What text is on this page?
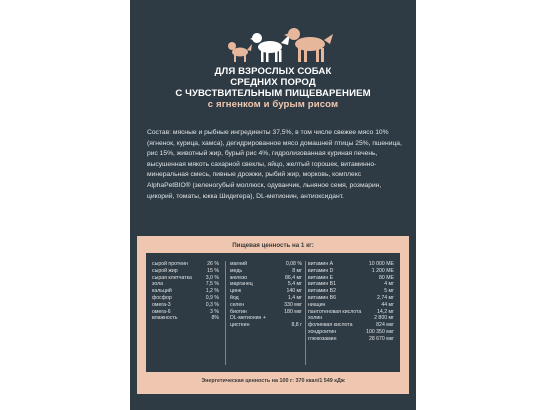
ДЛЯ ВЗРОСЛЫХ СОБАК
СРЕДНИХ ПОРОД
С ЧУВСТВИТЕЛЬНЫМ ПИЩЕВАРЕНИЕМ
с ягненком и бурым рисом
Состав: мясные и рыбные ингредиенты 37,5%, в том числе свежее мясо 10% (ягненок, курица, хамса), дегидрированное мясо домашней птицы 25%, пшеница, рис 15%, животный жир, бурый рис 4%, гидролизованная куриная печень, высушенная мякоть сахарной свеклы, яйцо, желтый горошек, витаминно-минеральная смесь, пивные дрожжи, рыбий жир, морковь, комплекс AlphaPetBIO® (зеленогубый моллюск, одуванчик, льняное семя, розмарин, цикорий, томаты, юкка Шидигера), DL-метионин, антиоксидант.
Пищевая ценность на 1 кг:
сырой протеин	26 %
сырой жир	15 %
сырая клетчатка	3,0 %
зола	7,5 %
кальций	1,2 %
фосфор	0,9 %
омега-3	0,3 %
омега-6	3 %
влажность	8%
магний	0,08 %
медь	8 мг
железо	86,4 мг
марганец	5,4 мг
цинк	140 мг
йод	1,4 мг
селен	330 мкг
биотин	180 мкг
DL-метионин +
цистеин	8,8 г
витамин А	10 000 МЕ
витамин D	1 200 МЕ
витамин E	80 МЕ
витамин B1	4 мг
витамин B2	5 мг
витамин B6	2,74 мг
ниацин	44 мг
пантотеновая кислота	14,2 мг
холин	2 800 мг
фолиевая кислота	824 мкг
хондроитин	100 350 мкг
глюкозамин	28 670 мкг
Энергетическая ценность на 100 г: 370 ккал/1 549 кДж
